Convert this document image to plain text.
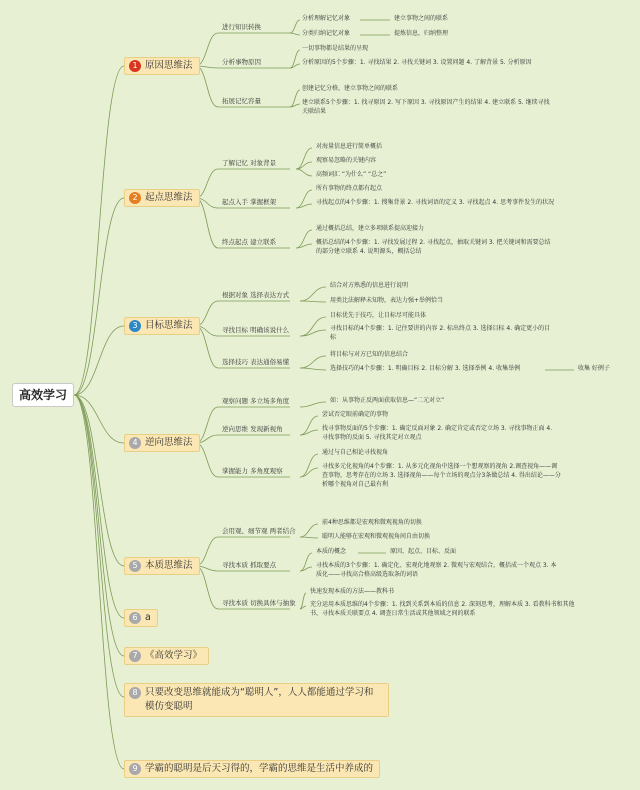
高效学习
1 原因思维法
2 起点思维法
3 目标思维法
4 逆向思维法
5 本质思维法
6 a
7 《高效学习》
8 只要改变思维就能成为“聪明人”，人人都能通过学习和模仿变聪明
9 学霸的聪明是后天习得的，学霸的思维是生活中养成的
进行知识转换
分析理解记忆对象	建立事物之间的联系
分类归纳记忆对象	提炼信息，归纳整理
分析事物原因
一切事物都是结果的呈现
分析原因的5个步骤：1. 寻找结果 2. 寻找关键词 3. 设置问题 4. 了解背景 5. 分析原因
拓展记忆容量
创建记忆分格，建立事物之间的联系
建立联系5个步骤：1. 找寻原因 2. 写下原因 3. 寻找原因产生的结果 4. 建立联系 5. 继续寻找关联结果
了解记忆 对象背景
对海量信息进行简单概括
观察易忽略的关键内容
高频词汇 “为什么” “总之”
起点入手 掌握框架
所有事物的终点都有起点
寻找起点的4个步骤：1. 搜集背景 2. 寻找词语的定义 3. 寻找起点 4. 思考事件发生的状况
终点起点 建立联系
通过概括总结，建立多项联系提高迎接力
概括总结的4个步骤：1. 寻找发展过程 2. 寻找起点，抽取关键词 3. 把关键词和需要总结的部分建立联系 4. 说明源头，概括总结
根据对象 选择表达方式
结合对方熟悉的信息进行说明
用类比法解释未知物，表达力强+举例恰当
寻找目标 明确该说什么
目标优先于技巧，让目标尽可能具体
寻找目标的4个步骤：1. 记住要讲的内容 2. 标出终点 3. 选择目标 4. 确定更小的目标
选择技巧 表达通俗易懂
将目标与对方已知的信息结合
选择技巧的4个步骤：1. 明确目标 2. 目标分解 3. 选择举例 4. 收集举例	收集 好例子
观察问题 多立场多角度	如：从事物正反两面获取信息—“二元对立”
逆向思维 发现新视角
尝试否定眼前确定的事物
找寻事物反面的5个步骤：1. 确定反面对象 2. 确定肯定或否定立场 3. 寻找事物正面 4. 寻找事物的反面 5. 寻找其定对立观点
掌握能力 多角度观察
通过与自己相论寻找视角
寻找多元化视角的4个步骤：1. 从多元化视角中选择一个想观察的视角 2.调查视角——调查事物，思考存在的立场 3. 选择视角——每个立场的观点分3条做总结 4. 得出结论——分析哪个视角对自己最有利
会用观、细节观 两者结合
前4种思维都是宏观和微观视角的切换
聪明人能够在宏观和微观视角间自由切换
寻找本质 抓取要点
本质的概念	原因、起点、目标、反面
寻找本质的3个步骤：1. 确定化、宏观化地观察 2. 微观与宏观结合，概括成一个观点 3. 本质化——寻找高合格高级选取条的词语
寻找本质 切换具体与抽象
快速发现本质的方法——教科书
充分运用本质思维的4个步骤：1. 找到关系到本质的信息 2. 深刻思考，理解本质 3. 看教科书和其他书，寻找本质关联要点 4. 调查日常生活或其他领域之间的联系
